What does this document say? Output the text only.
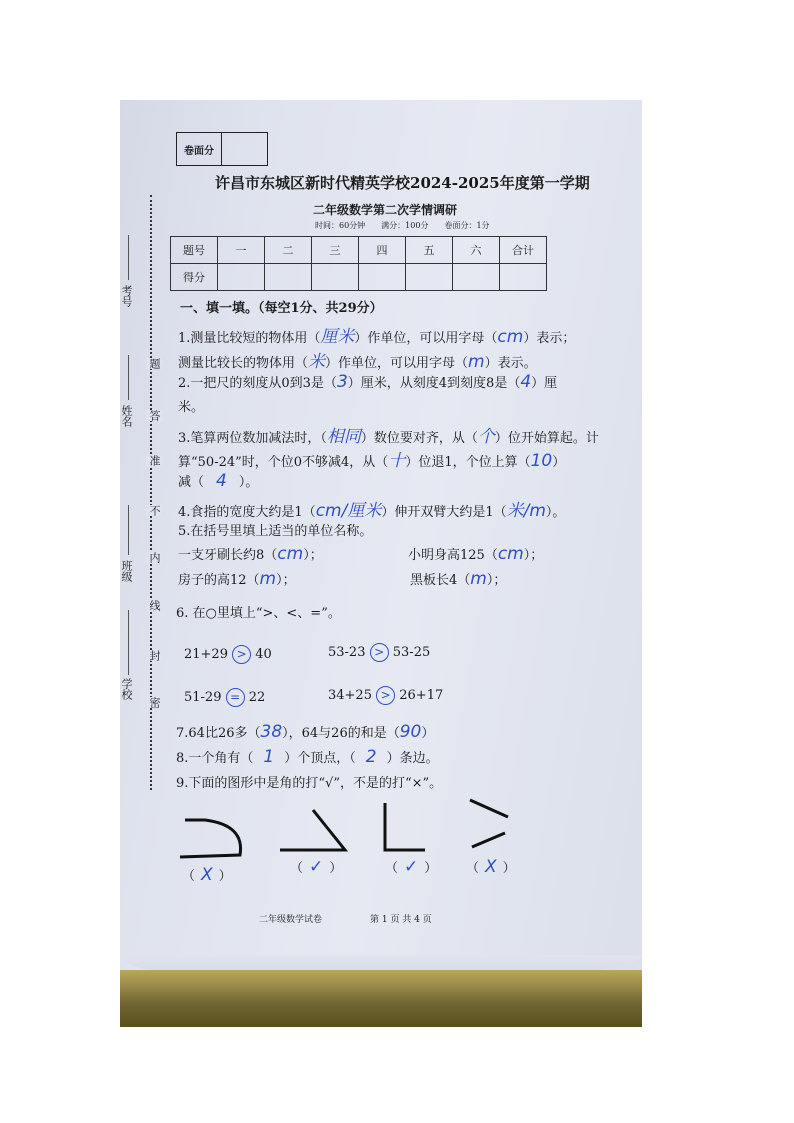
卷面分
许昌市东城区新时代精英学校2024-2025年度第一学期
二年级数学第二次学情调研
时间：60分钟　　满分：100分　　卷面分：1分
题号	一	二	三	四	五	六	合计
得分							
考号
姓名
班级
学校
题
答
准
不
内
线
封
密
一、填一填。（每空1分、共29分）
1.测量比较短的物体用（厘米）作单位，可以用字母（cm）表示；
测量比较长的物体用（米）作单位，可以用字母（m）表示。
2.一把尺的刻度从0到3是（3）厘米，从刻度4到刻度8是（4）厘
米。
3.笔算两位数加减法时，（相同）数位要对齐，从（个）位开始算起。计
算“50-24”时，个位0不够减4，从（十）位退1，个位上算（10）
减（ 4 ）。
4.食指的宽度大约是1（cm/厘米）伸开双臂大约是1（米/m）。
5.在括号里填上适当的单位名称。
一支牙刷长约8（cm）；	小明身高125（cm）；
房子的高12（m）；	黑板长4（m）；
6. 在○里填上“>、<、=”。
21+29 > 40	53-23 > 53-25
51-29 = 22	34+25 > 26+17
7.64比26多（38），64与26的和是（90）
8.一个角有（ 1 ）个顶点，（ 2 ）条边。
9.下面的图形中是角的打“√”，不是的打“×”。
（ X ）
（ ✓ ）	（ ✓ ） （ X ）
二年级数学试卷	第 1 页 共 4 页
